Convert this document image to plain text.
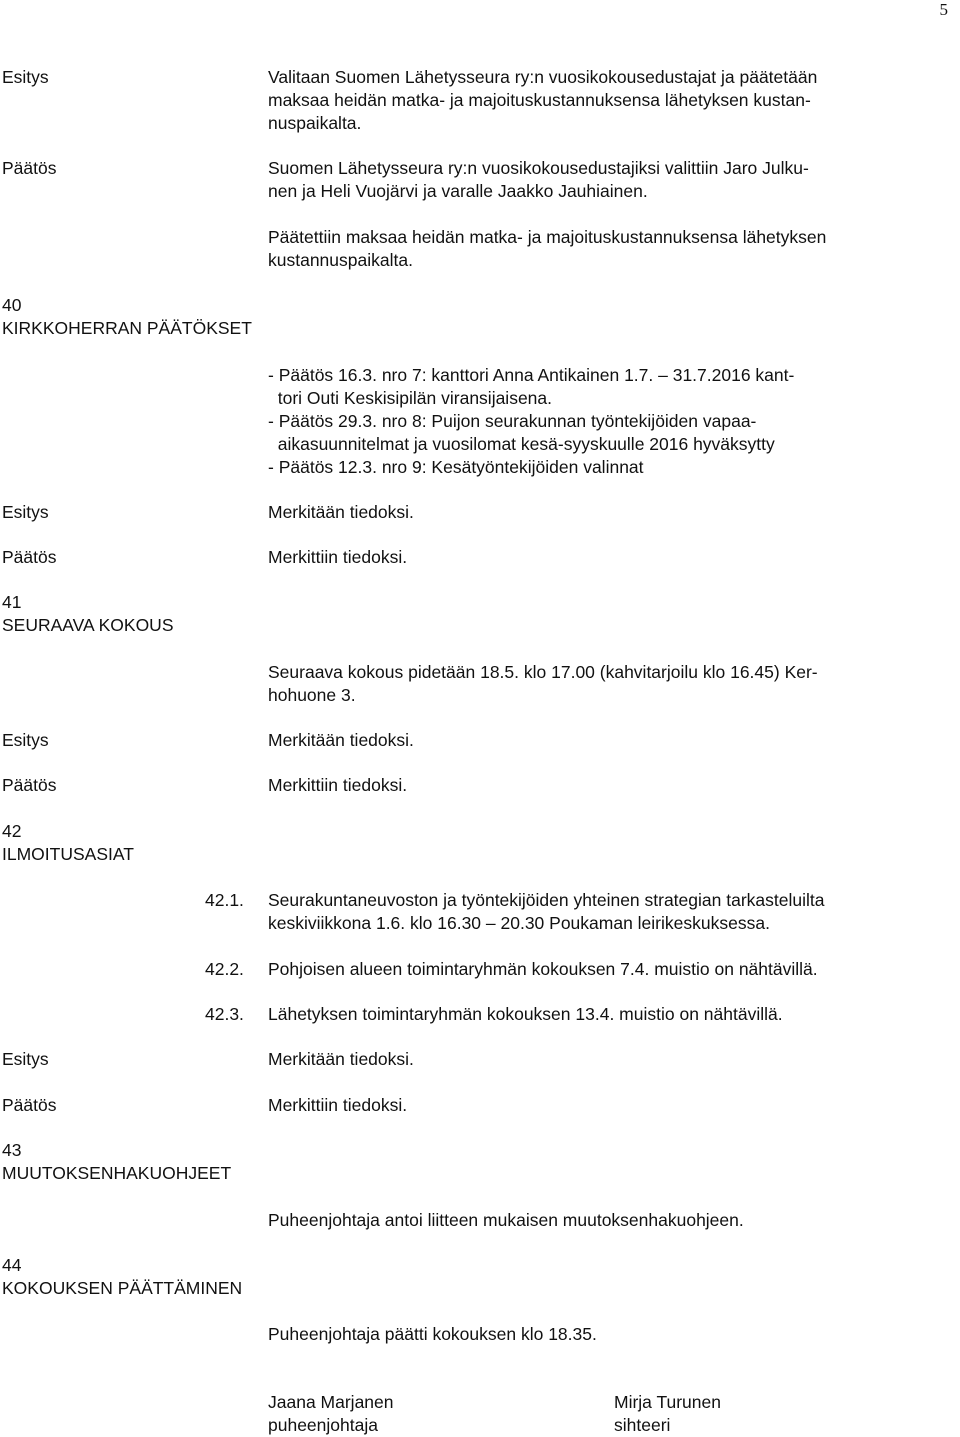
5
Esitys	Valitaan Suomen Lähetysseura ry:n vuosikokousedustajat ja päätetään
maksaa heidän matka- ja majoituskustannuksensa lähetyksen kustan-
nuspaikalta.
Päätös	Suomen Lähetysseura ry:n vuosikokousedustajiksi valittiin Jaro Julku-
nen ja Heli Vuojärvi ja varalle Jaakko Jauhiainen.
Päätettiin maksaa heidän matka- ja majoituskustannuksensa lähetyksen
kustannuspaikalta.
40
KIRKKOHERRAN PÄÄTÖKSET
- Päätös 16.3. nro 7: kanttori Anna Antikainen 1.7. – 31.7.2016 kant-
tori Outi Keskisipilän viransijaisena.
- Päätös 29.3. nro 8: Puijon seurakunnan työntekijöiden vapaa-
aikasuunnitelmat ja vuosilomat kesä-syyskuulle 2016 hyväksytty
- Päätös 12.3. nro 9: Kesätyöntekijöiden valinnat
Esitys	Merkitään tiedoksi.
Päätös	Merkittiin tiedoksi.
41
SEURAAVA KOKOUS
Seuraava kokous pidetään 18.5. klo 17.00 (kahvitarjoilu klo 16.45) Ker-
hohuone 3.
Esitys	Merkitään tiedoksi.
Päätös	Merkittiin tiedoksi.
42
ILMOITUSASIAT
42.1. Seurakuntaneuvoston ja työntekijöiden yhteinen strategian tarkasteluilta
keskiviikkona 1.6. klo 16.30 – 20.30 Poukaman leirikeskuksessa.
42.2. Pohjoisen alueen toimintaryhmän kokouksen 7.4. muistio on nähtävillä.
42.3. Lähetyksen toimintaryhmän kokouksen 13.4. muistio on nähtävillä.
Esitys	Merkitään tiedoksi.
Päätös	Merkittiin tiedoksi.
43
MUUTOKSENHAKUOHJEET
Puheenjohtaja antoi liitteen mukaisen muutoksenhakuohjeen.
44
KOKOUKSEN PÄÄTTÄMINEN
Puheenjohtaja päätti kokouksen klo 18.35.
Jaana Marjanen
puheenjohtaja
Mirja Turunen
sihteeri
